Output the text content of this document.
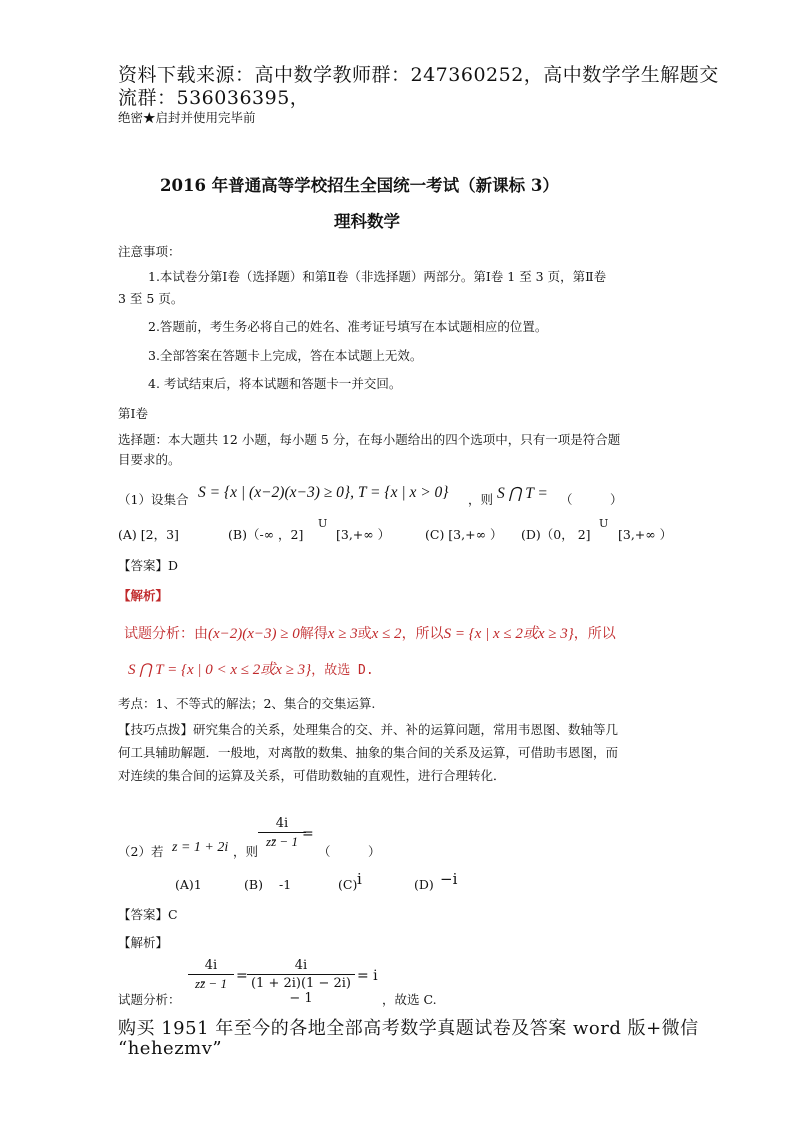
资料下载来源：高中数学教师群：247360252，高中数学学生解题交
流群：536036395，
绝密★启封并使用完毕前
2016 年普通高等学校招生全国统一考试（新课标 3）
理科数学
注意事项：
1.本试卷分第Ⅰ卷（选择题）和第Ⅱ卷（非选择题）两部分。第Ⅰ卷 1 至 3 页，第Ⅱ卷
3 至 5 页。
2.答题前，考生务必将自己的姓名、准考证号填写在本试题相应的位置。
3.全部答案在答题卡上完成，答在本试题上无效。
4. 考试结束后，将本试题和答题卡一并交回。
第Ⅰ卷
选择题：本大题共 12 小题，每小题 5 分，在每小题给出的四个选项中，只有一项是符合题
目要求的。
（1）设集合 S = {x | (x−2)(x−3) ≥ 0}, T = {x | x > 0} ，则 S ⋂ T = （　　　）
(A) [2，3]	(B)（-∞ ，2]
U
[3,+∞ ）	(C) [3,+∞ ） (D)（0， 2]
U
[3,+∞ ）
【答案】D
【解析】
试题分析：由(x−2)(x−3) ≥ 0解得x ≥ 3或x ≤ 2，所以S = {x | x ≤ 2或x ≥ 3}，所以
S ⋂ T = {x | 0 < x ≤ 2或x ≥ 3}，故选 D.
考点：1、不等式的解法；2、集合的交集运算.
【技巧点拨】研究集合的关系，处理集合的交、并、补的运算问题，常用韦恩图、数轴等几
何工具辅助解题．一般地，对离散的数集、抽象的集合间的关系及运算，可借助韦恩图，而
对连续的集合间的运算及关系，可借助数轴的直观性，进行合理转化．
（2）若 z = 1 + 2i ，则
4i
zz̄ − 1 =
（　　　）
(A)1	(B) -1	(C) i	(D) −i
【答案】C
【解析】
试题分析：
4i
zz̄ − 1 =
4i
(1 + 2i)(1 − 2i) − 1
= i
，故选 C.
购买 1951 年至今的各地全部高考数学真题试卷及答案 word 版+微信
“hehezmv”
